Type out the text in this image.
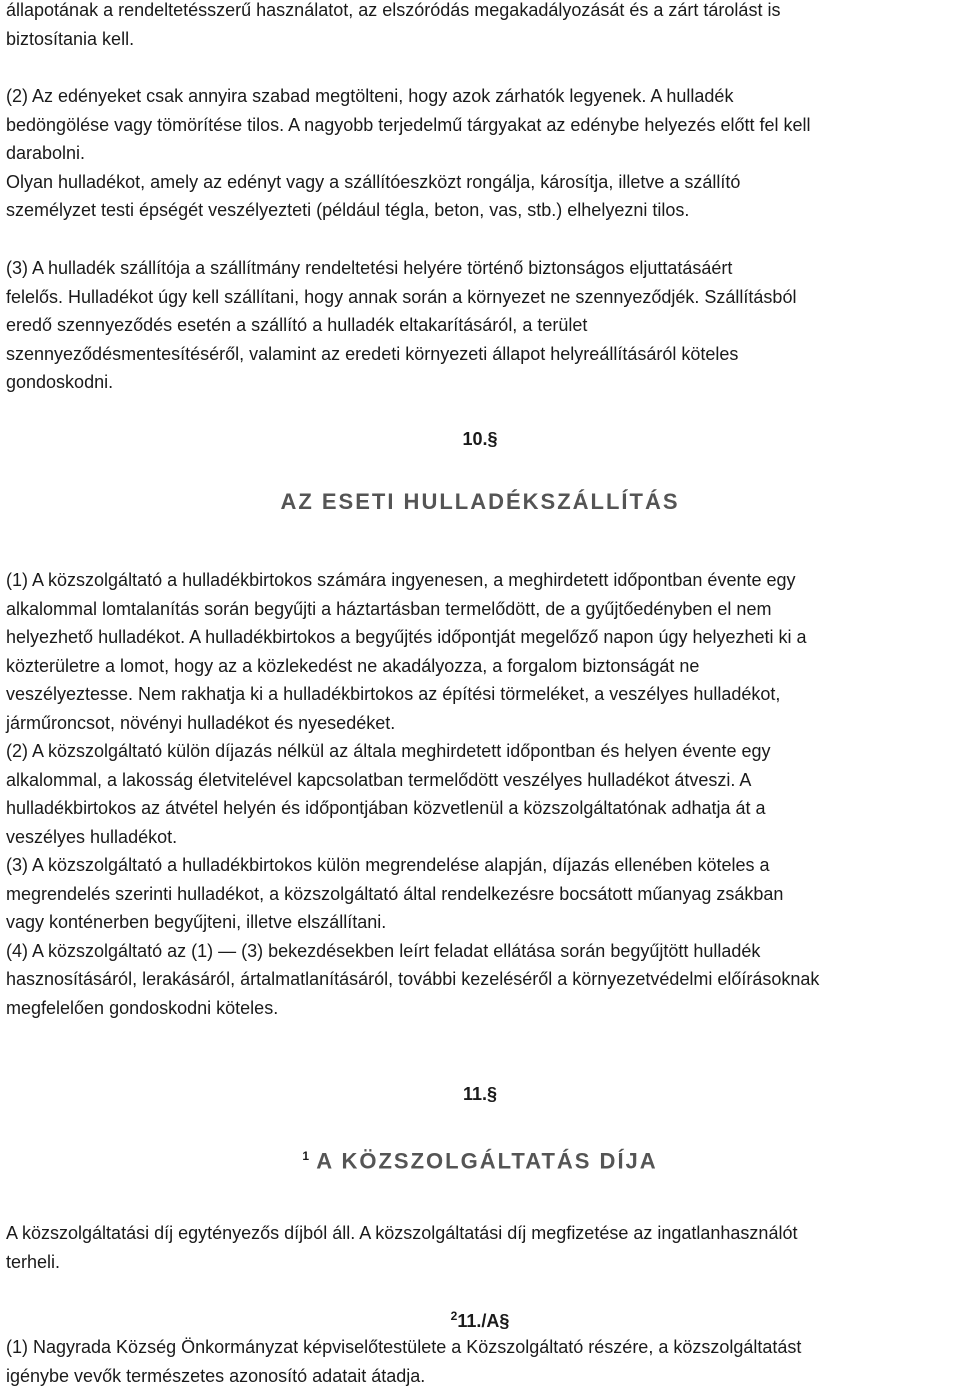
állapotának a rendeltetésszerű használatot, az elszóródás megakadályozását és a zárt tárolást is
biztosítania kell.
(2) Az edényeket csak annyira szabad megtölteni, hogy azok zárhatók legyenek. A hulladék
bedöngölése vagy tömörítése tilos. A nagyobb terjedelmű tárgyakat az edénybe helyezés előtt fel kell
darabolni.
Olyan hulladékot, amely az edényt vagy a szállítóeszközt rongálja, károsítja, illetve a szállító
személyzet testi épségét veszélyezteti (például tégla, beton, vas, stb.) elhelyezni tilos.
(3) A hulladék szállítója a szállítmány rendeltetési helyére történő biztonságos eljuttatásáért
felelős. Hulladékot úgy kell szállítani, hogy annak során a környezet ne szennyeződjék. Szállításból
eredő szennyeződés esetén a szállító a hulladék eltakarításáról, a terület
szennyeződésmentesítéséről, valamint az eredeti környezeti állapot helyreállításáról köteles
gondoskodni.
10.§
AZ ESETI HULLADÉKSZÁLLÍTÁS
(1) A közszolgáltató a hulladékbirtokos számára ingyenesen, a meghirdetett időpontban évente egy
alkalommal lomtalanítás során begyűjti a háztartásban termelődött, de a gyűjtőedényben el nem
helyezhető hulladékot. A hulladékbirtokos a begyűjtés időpontját megelőző napon úgy helyezheti ki a
közterületre a lomot, hogy az a közlekedést ne akadályozza, a forgalom biztonságát ne
veszélyeztesse. Nem rakhatja ki a hulladékbirtokos az építési törmeléket, a veszélyes hulladékot,
járműroncsot, növényi hulladékot és nyesedéket.
(2) A közszolgáltató külön díjazás nélkül az általa meghirdetett időpontban és helyen évente egy
alkalommal, a lakosság életvitelével kapcsolatban termelődött veszélyes hulladékot átveszi. A
hulladékbirtokos az átvétel helyén és időpontjában közvetlenül a közszolgáltatónak adhatja át a
veszélyes hulladékot.
(3) A közszolgáltató a hulladékbirtokos külön megrendelése alapján, díjazás ellenében köteles a
megrendelés szerinti hulladékot, a közszolgáltató által rendelkezésre bocsátott műanyag zsákban
vagy konténerben begyűjteni, illetve elszállítani.
(4) A közszolgáltató az (1) ― (3) bekezdésekben leírt feladat ellátása során begyűjtött hulladék
hasznosításáról, lerakásáról, ártalmatlanításáról, további kezeléséről a környezetvédelmi előírásoknak
megfelelően gondoskodni köteles.
11.§
$^1$ A KÖZSZOLGÁLTATÁS DÍJA
A közszolgáltatási díj egytényezős díjból áll. A közszolgáltatási díj megfizetése az ingatlanhasználót
terheli.
$^2$11./A§
(1) Nagyrada Község Önkormányzat képviselőtestülete a Közszolgáltató részére, a közszolgáltatást
igénybe vevők természetes azonosító adatait átadja.
